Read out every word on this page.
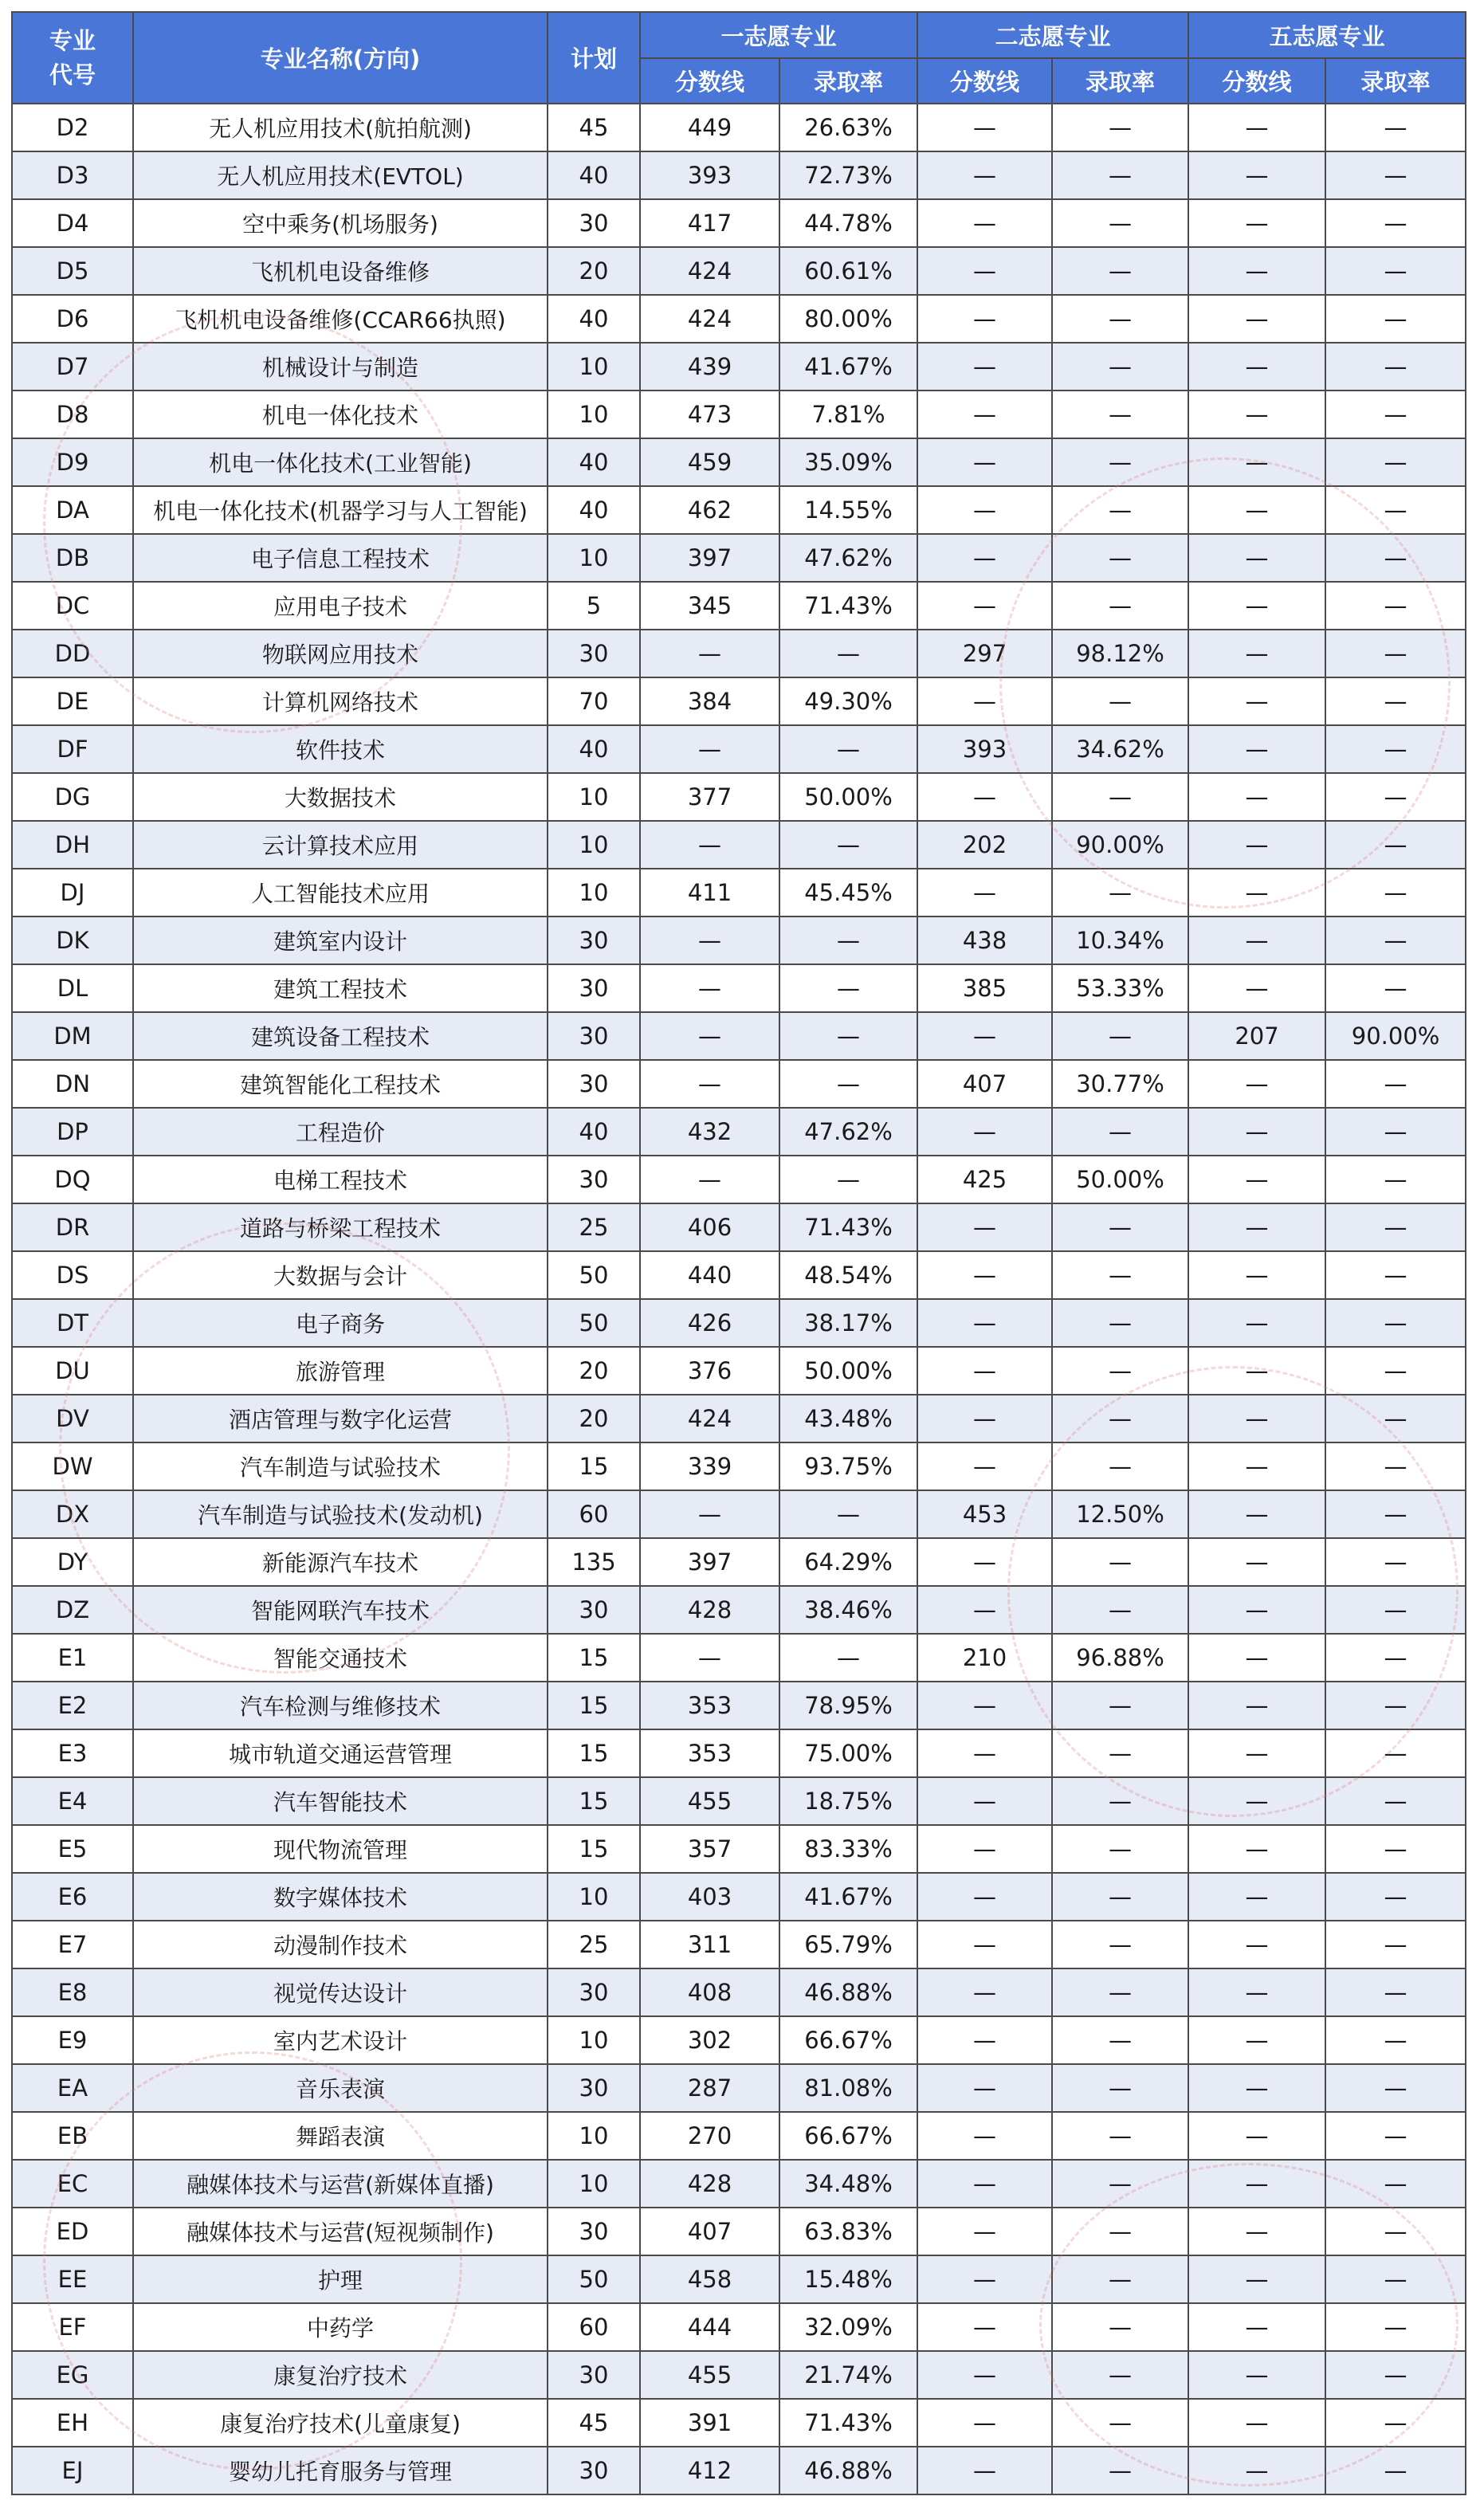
专业
代号	专业名称(方向)	计划	一志愿专业		二志愿专业		五志愿专业	
			分数线	录取率	分数线	录取率	分数线	录取率
D2	无人机应用技术(航拍航测)	45	449	26.63%	—	—	—	—
D3	无人机应用技术(EVTOL)	40	393	72.73%	—	—	—	—
D4	空中乘务(机场服务)	30	417	44.78%	—	—	—	—
D5	飞机机电设备维修	20	424	60.61%	—	—	—	—
D6	飞机机电设备维修(CCAR66执照)	40	424	80.00%	—	—	—	—
D7	机械设计与制造	10	439	41.67%	—	—	—	—
D8	机电一体化技术	10	473	7.81%	—	—	—	—
D9	机电一体化技术(工业智能)	40	459	35.09%	—	—	—	—
DA	机电一体化技术(机器学习与人工智能)	40	462	14.55%	—	—	—	—
DB	电子信息工程技术	10	397	47.62%	—	—	—	—
DC	应用电子技术	5	345	71.43%	—	—	—	—
DD	物联网应用技术	30	—	—	297	98.12%	—	—
DE	计算机网络技术	70	384	49.30%	—	—	—	—
DF	软件技术	40	—	—	393	34.62%	—	—
DG	大数据技术	10	377	50.00%	—	—	—	—
DH	云计算技术应用	10	—	—	202	90.00%	—	—
DJ	人工智能技术应用	10	411	45.45%	—	—	—	—
DK	建筑室内设计	30	—	—	438	10.34%	—	—
DL	建筑工程技术	30	—	—	385	53.33%	—	—
DM	建筑设备工程技术	30	—	—	—	—	207	90.00%
DN	建筑智能化工程技术	30	—	—	407	30.77%	—	—
DP	工程造价	40	432	47.62%	—	—	—	—
DQ	电梯工程技术	30	—	—	425	50.00%	—	—
DR	道路与桥梁工程技术	25	406	71.43%	—	—	—	—
DS	大数据与会计	50	440	48.54%	—	—	—	—
DT	电子商务	50	426	38.17%	—	—	—	—
DU	旅游管理	20	376	50.00%	—	—	—	—
DV	酒店管理与数字化运营	20	424	43.48%	—	—	—	—
DW	汽车制造与试验技术	15	339	93.75%	—	—	—	—
DX	汽车制造与试验技术(发动机)	60	—	—	453	12.50%	—	—
DY	新能源汽车技术	135	397	64.29%	—	—	—	—
DZ	智能网联汽车技术	30	428	38.46%	—	—	—	—
E1	智能交通技术	15	—	—	210	96.88%	—	—
E2	汽车检测与维修技术	15	353	78.95%	—	—	—	—
E3	城市轨道交通运营管理	15	353	75.00%	—	—	—	—
E4	汽车智能技术	15	455	18.75%	—	—	—	—
E5	现代物流管理	15	357	83.33%	—	—	—	—
E6	数字媒体技术	10	403	41.67%	—	—	—	—
E7	动漫制作技术	25	311	65.79%	—	—	—	—
E8	视觉传达设计	30	408	46.88%	—	—	—	—
E9	室内艺术设计	10	302	66.67%	—	—	—	—
EA	音乐表演	30	287	81.08%	—	—	—	—
EB	舞蹈表演	10	270	66.67%	—	—	—	—
EC	融媒体技术与运营(新媒体直播)	10	428	34.48%	—	—	—	—
ED	融媒体技术与运营(短视频制作)	30	407	63.83%	—	—	—	—
EE	护理	50	458	15.48%	—	—	—	—
EF	中药学	60	444	32.09%	—	—	—	—
EG	康复治疗技术	30	455	21.74%	—	—	—	—
EH	康复治疗技术(儿童康复)	45	391	71.43%	—	—	—	—
EJ	婴幼儿托育服务与管理	30	412	46.88%	—	—	—	—
